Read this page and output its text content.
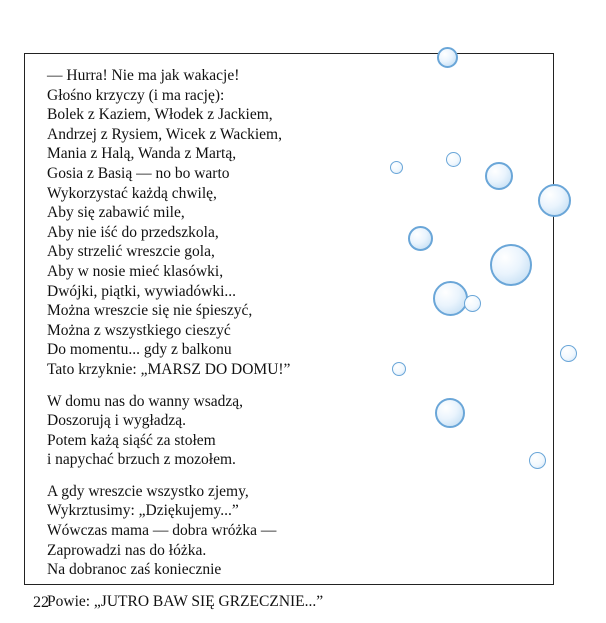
— Hurra! Nie ma jak wakacje!
Głośno krzyczy (i ma rację):
Bolek z Kaziem, Włodek z Jackiem,
Andrzej z Rysiem, Wicek z Wackiem,
Mania z Halą, Wanda z Martą,
Gosia z Basią — no bo warto
Wykorzystać każdą chwilę,
Aby się zabawić mile,
Aby nie iść do przedszkola,
Aby strzelić wreszcie gola,
Aby w nosie mieć klasówki,
Dwójki, piątki, wywiadówki...
Można wreszcie się nie śpieszyć,
Można z wszystkiego cieszyć
Do momentu... gdy z balkonu
Tato krzyknie: „MARSZ DO DOMU!”
W domu nas do wanny wsadzą,
Doszorują i wygładzą.
Potem każą siąść za stołem
i napychać brzuch z mozołem.
A gdy wreszcie wszystko zjemy,
Wykrztusimy: „Dziękujemy...”
Wówczas mama — dobra wróżka —
Zaprowadzi nas do łóżka.
Na dobranoc zaś koniecznie
Powie: „JUTRO BAW SIĘ GRZECZNIE...”
22
